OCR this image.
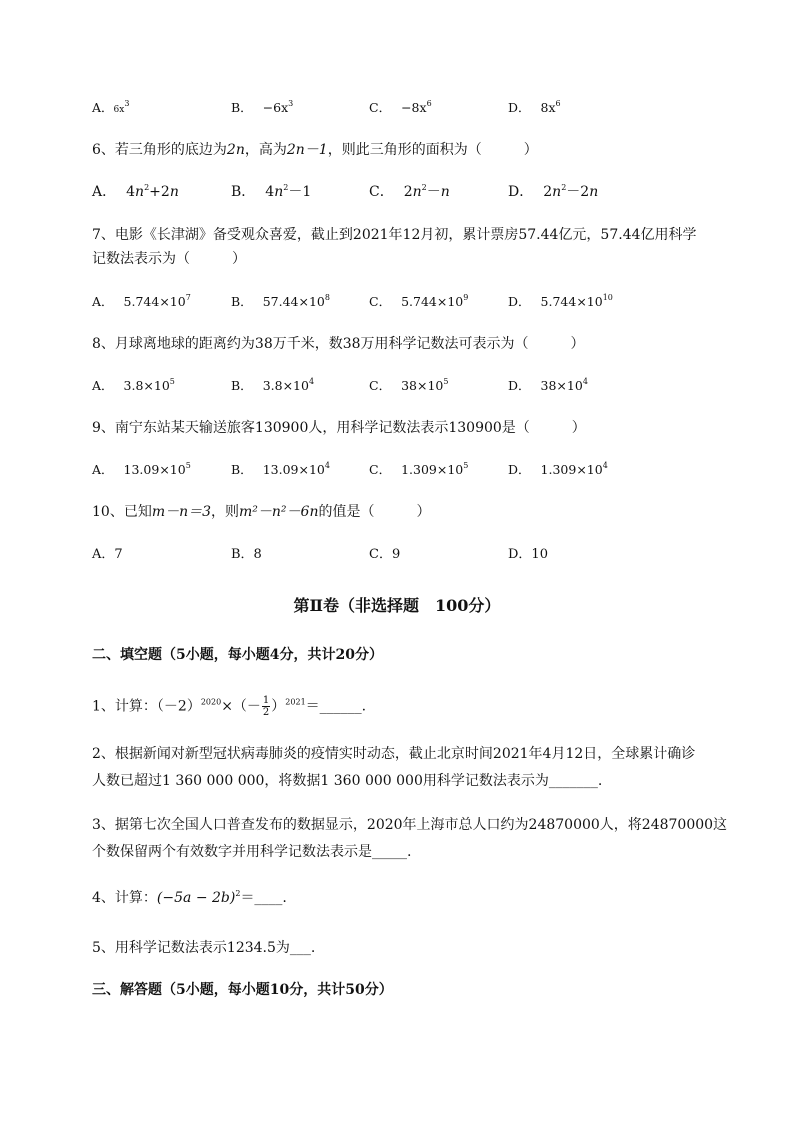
A．$6x^3$	B． $-6x^3$	C． $-8x^6$	D． $8x^6$
6、若三角形的底边为2n，高为2n－1，则此三角形的面积为（　　　）
A． $4n^2+2n$	B． $4n^2-1$	C． $2n^2-n$	D． $2n^2-2n$
7、电影《长津湖》备受观众喜爱，截止到2021年12月初，累计票房57.44亿元，57.44亿用科学
记数法表示为（　　　）
A． $5.744\times 10^7$	B． $57.44\times 10^8$	C． $5.744\times 10^9$	D． $5.744\times 10^{10}$
8、月球离地球的距离约为38万千米，数38万用科学记数法可表示为（　　　）
A． $3.8\times 10^5$	B． $3.8\times 10^4$	C． $38\times 10^5$	D． $38\times 10^4$
9、南宁东站某天输送旅客130900人，用科学记数法表示130900是（　　　）
A． $13.09\times 10^5$	B． $13.09\times 10^4$	C． $1.309\times 10^5$	D． $1.309\times 10^4$
10、已知m－n＝3，则m²－n²－6n的值是（　　　）
A．7	B．8	C．9	D．10
第Ⅱ卷（非选择题　100分）
二、填空题（5小题，每小题4分，共计20分）
1、计算：$(-2)^{2020}\times(- \frac{1}{2}$ ）$^{2021}=\_\_\_\_\_\_$.
2、根据新闻对新型冠状病毒肺炎的疫情实时动态，截止北京时间2021年4月12日，全球累计确诊
人数已超过1 360 000 000，将数据1 360 000 000用科学记数法表示为_______.
3、据第七次全国人口普查发布的数据显示，2020年上海市总人口约为24870000人，将24870000这
个数保留两个有效数字并用科学记数法表示是_____.
4、计算：$(-5a - 2b)^2=\_\_\_\_$.
5、用科学记数法表示1234.5为___.
三、解答题（5小题，每小题10分，共计50分）
